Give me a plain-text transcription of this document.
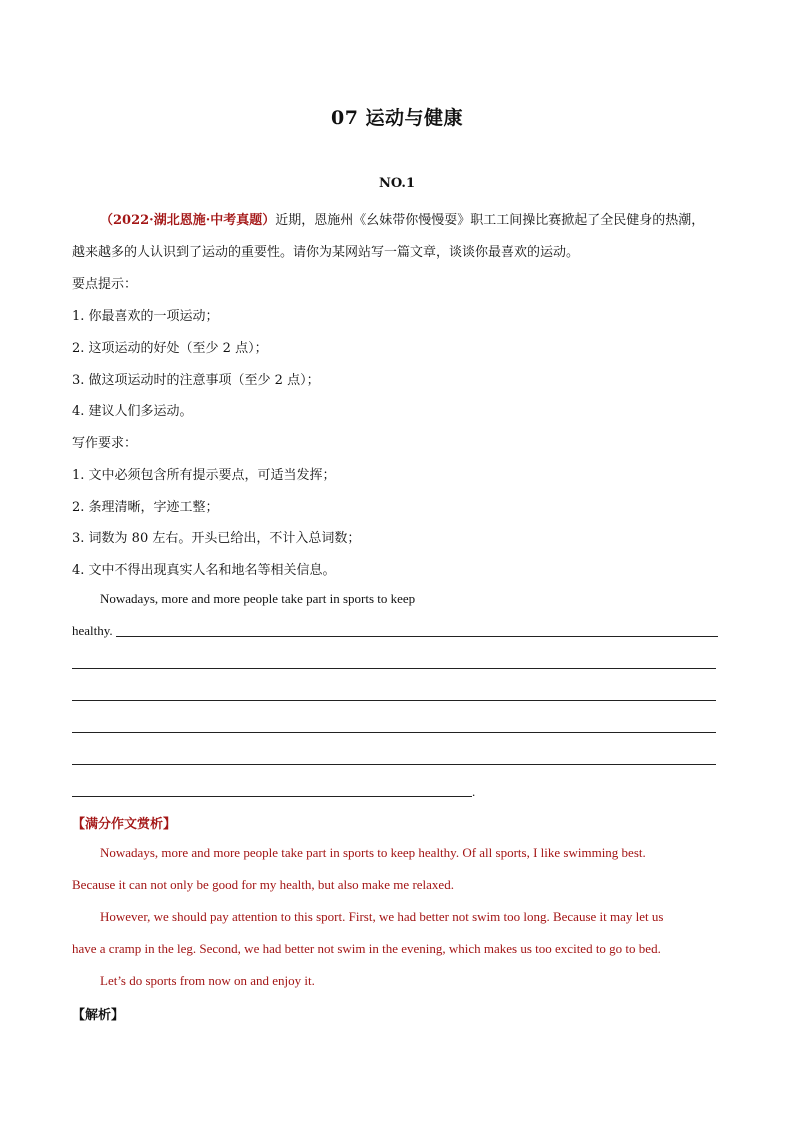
07 运动与健康
NO.1
（2022·湖北恩施·中考真题）近期，恩施州《幺妹带你慢慢耍》职工工间操比赛掀起了全民健身的热潮，
越来越多的人认识到了运动的重要性。请你为某网站写一篇文章，谈谈你最喜欢的运动。
要点提示：
1. 你最喜欢的一项运动；
2. 这项运动的好处（至少 2 点）；
3. 做这项运动时的注意事项（至少 2 点）；
4. 建议人们多运动。
写作要求：
1. 文中必须包含所有提示要点，可适当发挥；
2. 条理清晰，字迹工整；
3. 词数为 80 左右。开头已给出，不计入总词数；
4. 文中不得出现真实人名和地名等相关信息。
Nowadays, more and more people take part in sports to keep
healthy.
.
【满分作文赏析】
Nowadays, more and more people take part in sports to keep healthy. Of all sports, I like swimming best.
Because it can not only be good for my health, but also make me relaxed.
However, we should pay attention to this sport. First, we had better not swim too long. Because it may let us
have a cramp in the leg. Second, we had better not swim in the evening, which makes us too excited to go to bed.
Let’s do sports from now on and enjoy it.
【解析】
